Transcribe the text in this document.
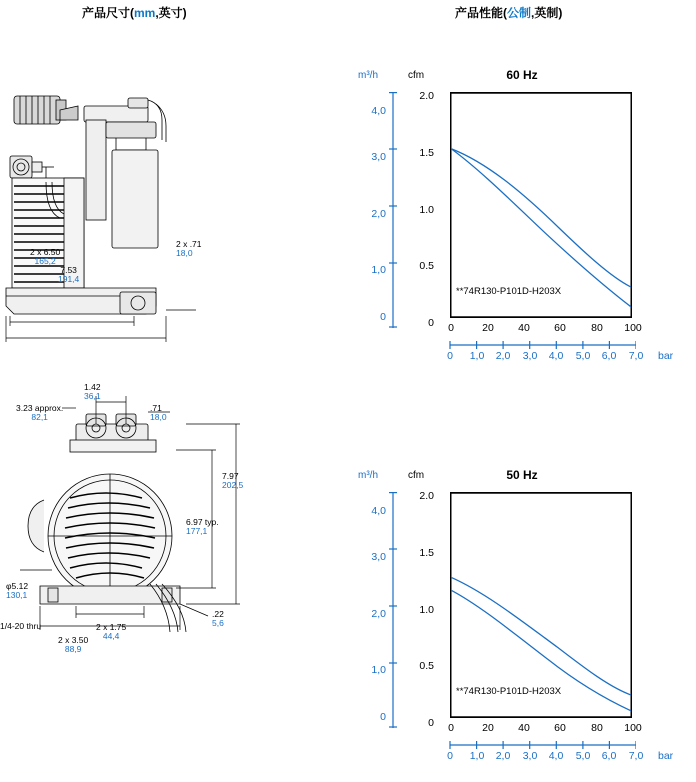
产品尺寸(mm,英寸)	产品性能(公制,英制)
2 x 6.50
165,2
7.53
191,4
2 x .71
18,0
1.42
36,1
3.23 approx.
82,1
.71
18,0
7.97
202,5
6.97 typ.
177,1
φ5.12
130,1
.22
5,6
2 x 1.75
44,4
2 x 3.50
88,9
1/4-20 thru
60 Hz
m³/h	cfm
4,0
3,0
2,0
1,0
0
2.0
1.5
1.0
0.5
0
**74R130-P101D-H203X
0	20	40	60	80	100
0	1,0	2,0	3,0	4,0	5,0	6,0	7,0	bar
50 Hz
m³/h	cfm
4,0
3,0
2,0
1,0
0
2.0
1.5
1.0
0.5
0
**74R130-P101D-H203X
0	20	40	60	80	100
0	1,0	2,0	3,0	4,0	5,0	6,0	7,0	bar
